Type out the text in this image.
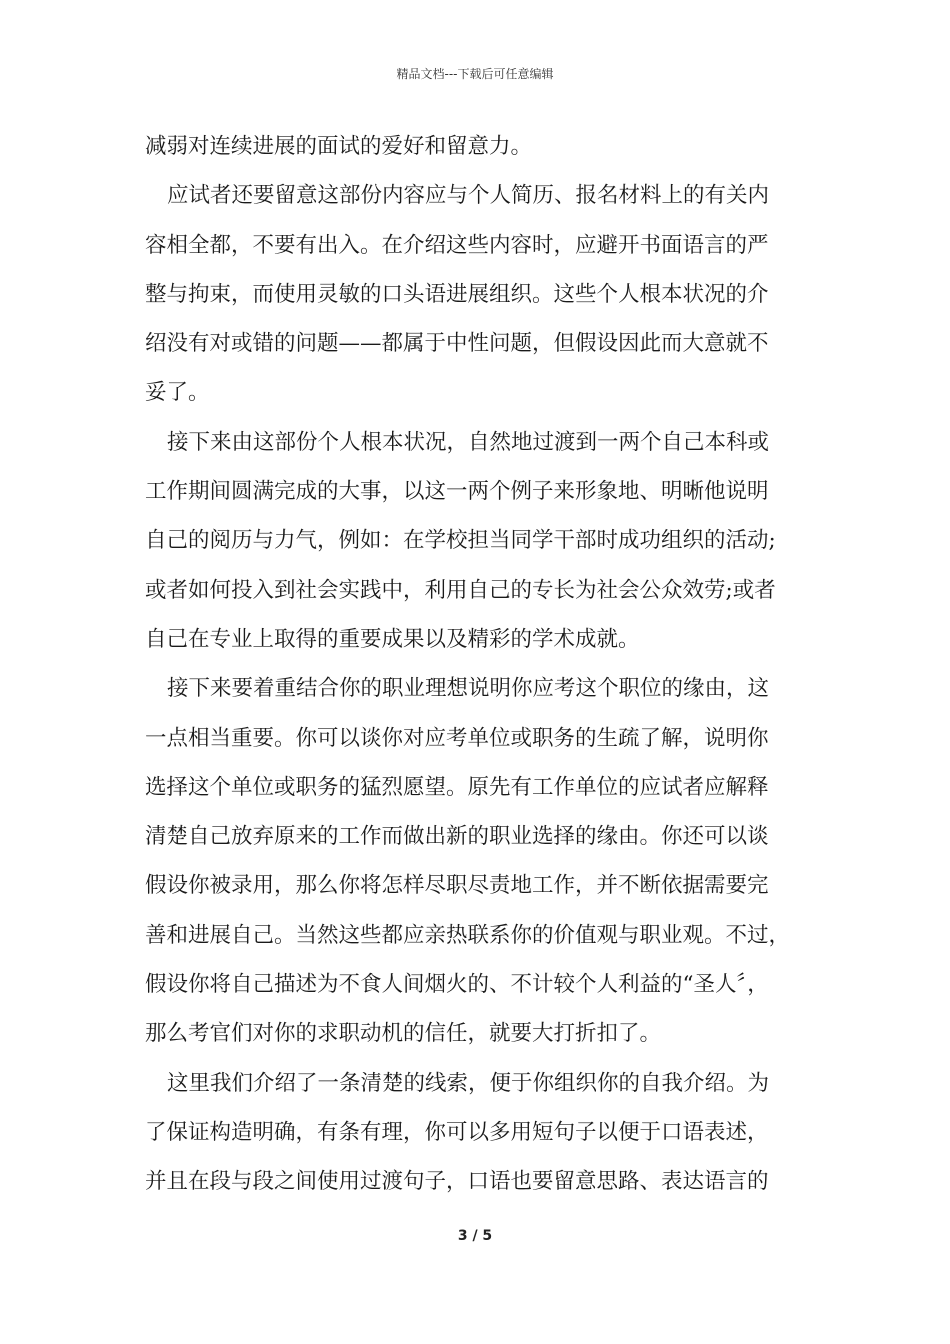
精品文档---下载后可任意编辑
减弱对连续进展的面试的爱好和留意力。
应试者还要留意这部份内容应与个人简历、报名材料上的有关内
容相全都，不要有出入。在介绍这些内容时，应避开书面语言的严
整与拘束，而使用灵敏的口头语进展组织。这些个人根本状况的介
绍没有对或错的问题——都属于中性问题，但假设因此而大意就不
妥了。
接下来由这部份个人根本状况，自然地过渡到一两个自己本科或
工作期间圆满完成的大事，以这一两个例子来形象地、明晰他说明
自己的阅历与力气，例如：在学校担当同学干部时成功组织的活动;
或者如何投入到社会实践中，利用自己的专长为社会公众效劳;或者
自己在专业上取得的重要成果以及精彩的学术成就。
接下来要着重结合你的职业理想说明你应考这个职位的缘由，这
一点相当重要。你可以谈你对应考单位或职务的生疏了解，说明你
选择这个单位或职务的猛烈愿望。原先有工作单位的应试者应解释
清楚自己放弃原来的工作而做出新的职业选择的缘由。你还可以谈
假设你被录用，那么你将怎样尽职尽责地工作，并不断依据需要完
善和进展自己。当然这些都应亲热联系你的价值观与职业观。不过，
假设你将自己描述为不食人间烟火的、不计较个人利益的“圣人〞，
那么考官们对你的求职动机的信任，就要大打折扣了。
这里我们介绍了一条清楚的线索，便于你组织你的自我介绍。为
了保证构造明确，有条有理，你可以多用短句子以便于口语表述，
并且在段与段之间使用过渡句子，口语也要留意思路、表达语言的
3 / 5
